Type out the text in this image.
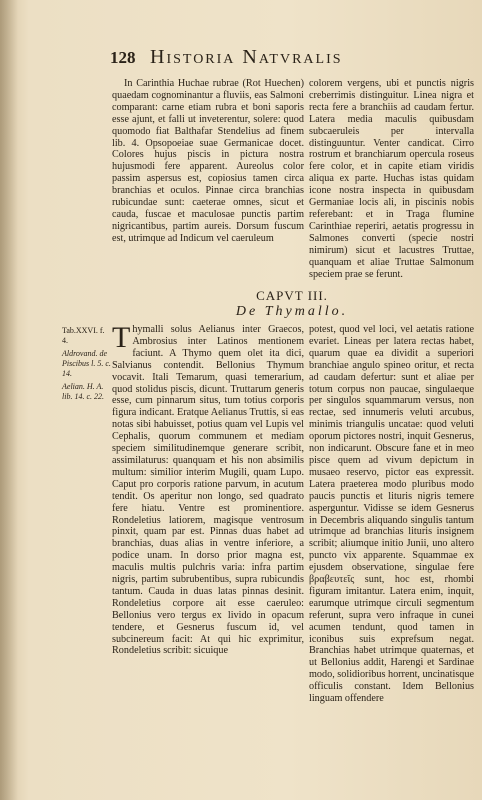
128 Historia Natvralis

In Carinthia Huchae rubrae (Rot Huechen) quaedam cognominantur a fluviis, eas Salmoni comparant: carne etiam rubra et boni saporis esse ajunt, et falli ut inveterentur, solere: quod quomodo fiat Balthafar Stendelius ad finem lib. 4. Opsopoeiae suae Germanicae docet. Colores hujus piscis in pictura nostra hujusmodi fere apparent. Aureolus color passim aspersus est, copiosius tamen circa branchias et oculos. Pinnae circa branchias rubicundae sunt: caeterae omnes, sicut et cauda, fuscae et maculosae punctis partim nigricantibus, partim aureis. Dorsum fuscum est, utrimque ad Indicum vel caeruleum

colorem vergens, ubi et punctis nigris creberrimis distinguitur. Linea nigra et recta fere a branchiis ad caudam fertur. Latera media maculis quibusdam subcaeruleis per intervalla distinguuntur. Venter candicat. Cirro rostrum et branchiarum opercula roseus fere color, et in capite etiam viridis aliqua ex parte. Huchas istas quidam icone nostra inspecta in quibusdam Germaniae locis ali, in piscinis nobis referebant: et in Traga flumine Carinthiae reperiri, aetatis progressu in Salmones converti (specie nostri nimirum) sicut et lacustres Truttae, quanquam et aliae Truttae Salmonum speciem prae se ferunt.

CAPVT III.
De Thymallo.
Tab.XXVI. f. 4.
Aldrovand. de Piscibus l. 5. c. 14.
Aelian. H. A. lib. 14. c. 22.
T hymalli solus Aelianus inter Graecos, Ambrosius inter Latinos mentionem faciunt. A Thymo quem olet ita dici, Salvianus contendit. Bellonius Thymum vocavit. Itali Temarum, quasi temerarium, quod stolidus piscis, dicunt. Truttarum generis esse, cum pinnarum situs, tum totius corporis figura indicant. Eratque Aelianus Truttis, si eas notas sibi habuisset, potius quam vel Lupis vel Cephalis, quorum communem et mediam speciem similitudinemque generare scribit, assimilaturus: quanquam et his non absimilis multum: similior interim Mugili, quam Lupo. Caput pro corporis ratione parvum, in acutum tendit. Os aperitur non longo, sed quadrato fere hiatu. Ventre est prominentiore. Rondeletius latiorem, magisque ventrosum pinxit, quam par est. Pinnas duas habet ad branchias, duas alias in ventre inferiore, a podice unam. In dorso prior magna est, maculis multis pulchris varia: infra partim nigris, partim subrubentibus, supra rubicundis tantum. Cauda in duas latas pinnas desinit. Rondeletius corpore ait esse caeruleo: Bellonius vero tergus ex livido in opacum tendere, et Gesnerus fuscum id, vel subcinereum facit: At qui hic exprimitur, Rondeletius scribit: sicuique

potest, quod vel loci, vel aetatis ratione evariet. Lineas per latera rectas habet, quarum quae ea dividit a superiori branchiae angulo spineo oritur, et recta ad caudam defertur: sunt et aliae per totum corpus non paucae, singulaeque per singulos squammarum versus, non rectae, sed innumeris veluti arcubus, minimis triangulis uncatae: quod veluti oporum pictores nostri, inquit Gesnerus, non indicarunt. Obscure fane et in meo pisce quem ad vivum depictum in musaeo reservo, pictor eas expressit. Latera praeterea modo pluribus modo paucis punctis et lituris nigris temere asperguntur. Vidisse se idem Gesnerus in Decembris aliquando singulis tantum utrimque ad branchias lituris insignem scribit; aliumque initio Junii, uno altero puncto vix apparente. Squammae ex ejusdem observatione, singulae fere βραβευτεῖς sunt, hoc est, rhombi figuram imitantur. Latera enim, inquit, earumque utrimque circuli segmentum referunt, supra vero infraque in cunei acumen tendunt, quod tamen in iconibus suis exprefsum negat. Branchias habet utrimque quaternas, et ut Bellonius addit, Harengi et Sardinae modo, solidioribus horrent, uncinatisque officulis constant. Idem Bellonius linguam offendere
